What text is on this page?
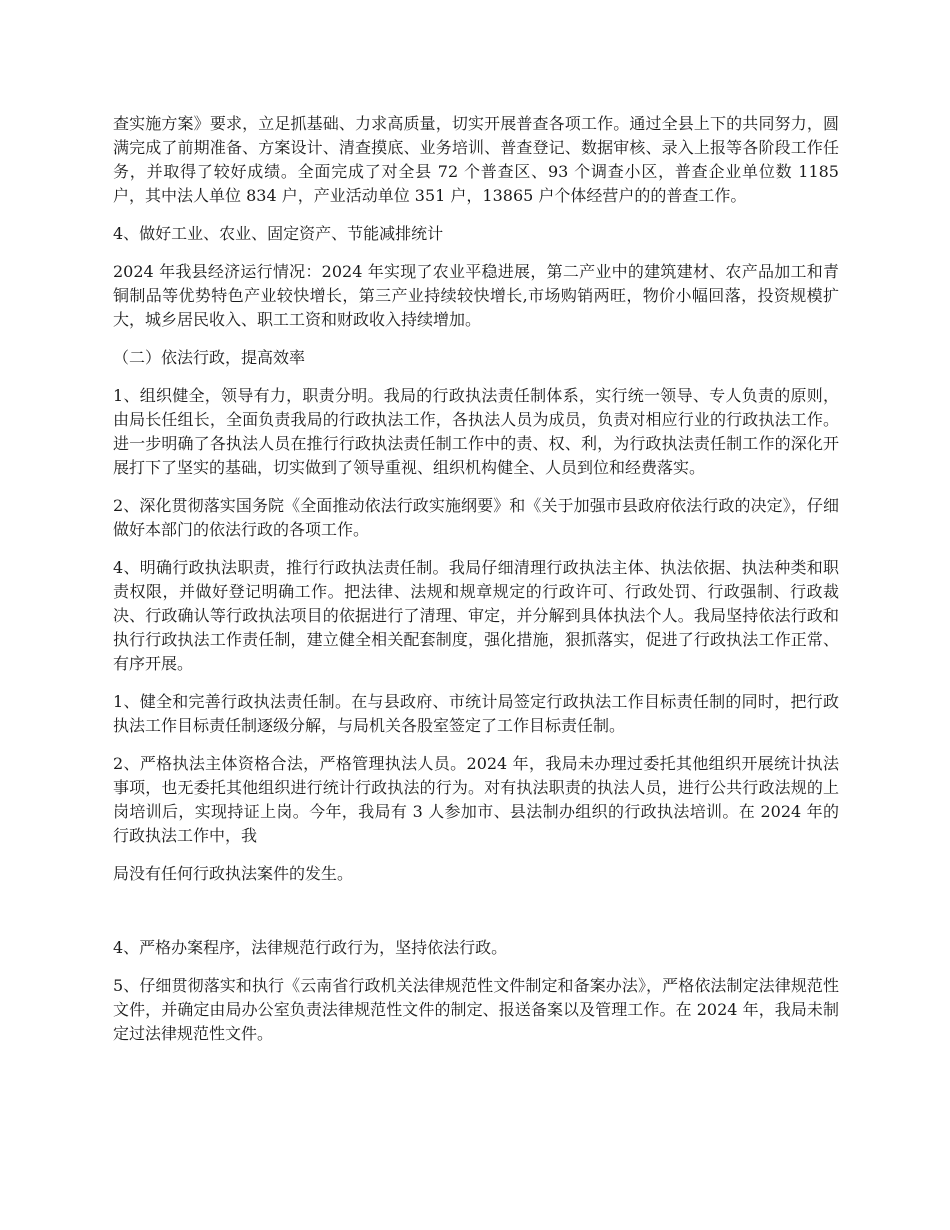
查实施方案》要求，立足抓基础、力求高质量，切实开展普查各项工作。通过全县上下的共同努力，圆满完成了前期准备、方案设计、清查摸底、业务培训、普查登记、数据审核、录入上报等各阶段工作任务，并取得了较好成绩。全面完成了对全县 72 个普查区、93 个调查小区，普查企业单位数 1185 户，其中法人单位 834 户，产业活动单位 351 户，13865 户个体经营户的的普查工作。

4、做好工业、农业、固定资产、节能减排统计

2024 年我县经济运行情况：2024 年实现了农业平稳进展，第二产业中的建筑建材、农产品加工和青铜制品等优势特色产业较快增长，第三产业持续较快增长,市场购销两旺，物价小幅回落，投资规模扩大，城乡居民收入、职工工资和财政收入持续增加。

（二）依法行政，提高效率

1、组织健全，领导有力，职责分明。我局的行政执法责任制体系，实行统一领导、专人负责的原则，由局长任组长，全面负责我局的行政执法工作，各执法人员为成员，负责对相应行业的行政执法工作。进一步明确了各执法人员在推行行政执法责任制工作中的责、权、利，为行政执法责任制工作的深化开展打下了坚实的基础，切实做到了领导重视、组织机构健全、人员到位和经费落实。

2、深化贯彻落实国务院《全面推动依法行政实施纲要》和《关于加强市县政府依法行政的决定》，仔细做好本部门的依法行政的各项工作。

4、明确行政执法职责，推行行政执法责任制。我局仔细清理行政执法主体、执法依据、执法种类和职责权限，并做好登记明确工作。把法律、法规和规章规定的行政许可、行政处罚、行政强制、行政裁决、行政确认等行政执法项目的依据进行了清理、审定，并分解到具体执法个人。我局坚持依法行政和执行行政执法工作责任制，建立健全相关配套制度，强化措施，狠抓落实，促进了行政执法工作正常、有序开展。

1、健全和完善行政执法责任制。在与县政府、市统计局签定行政执法工作目标责任制的同时，把行政执法工作目标责任制逐级分解，与局机关各股室签定了工作目标责任制。

2、严格执法主体资格合法，严格管理执法人员。2024 年，我局未办理过委托其他组织开展统计执法事项，也无委托其他组织进行统计行政执法的行为。对有执法职责的执法人员，进行公共行政法规的上岗培训后，实现持证上岗。今年，我局有 3 人参加市、县法制办组织的行政执法培训。在 2024 年的行政执法工作中，我

局没有任何行政执法案件的发生。

4、严格办案程序，法律规范行政行为，坚持依法行政。

5、仔细贯彻落实和执行《云南省行政机关法律规范性文件制定和备案办法》，严格依法制定法律规范性文件，并确定由局办公室负责法律规范性文件的制定、报送备案以及管理工作。在 2024 年，我局未制定过法律规范性文件。
